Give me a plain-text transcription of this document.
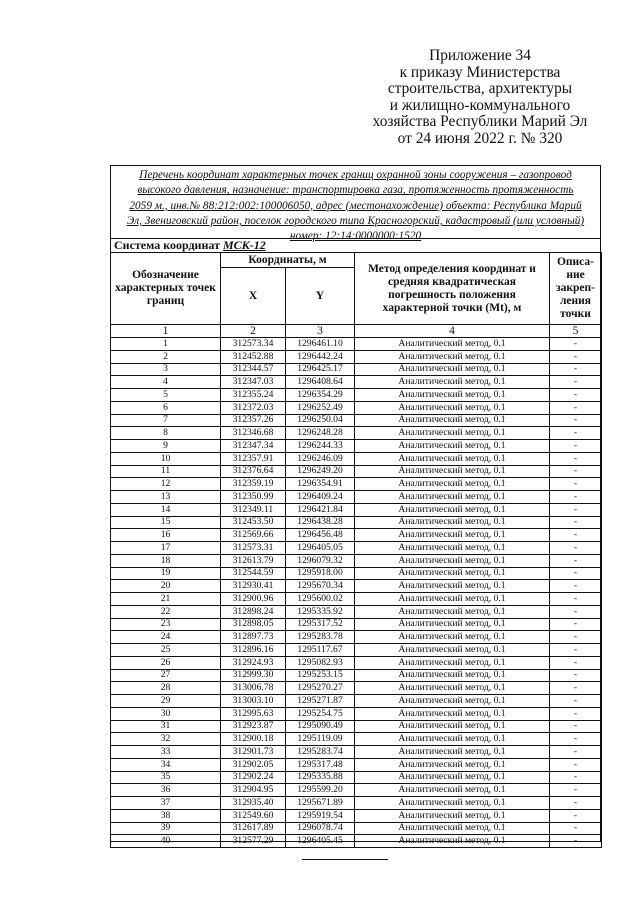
Приложение 34
к приказу Министерства
строительства, архитектуры
и жилищно-коммунального
хозяйства Республики Марий Эл
от 24 июня 2022 г. № 320
Перечень координат характерных точек границ охранной зоны сооружения – газопровод
высокого давления, назначение: транспортировка газа, протяженность протяженность
2059 м., инв.№ 88:212:002:100006050, адрес (местонахождение) объекта: Республика Марий
Эл, Звениговский район, поселок городского типа Красногорский, кадастровый (или условный)
номер: 12:14:0000000:1520
Система координат МСК-12
Обозначение характерных точек границ	Координаты, м		Метод определения координат и средняя квадратическая погрешность положения характерной точки (Mt), м	Описа-ние закреп-ления точки
	X	Y		
1	2	3	4	5
1	312573.34	1296461.10	Аналитический метод, 0.1	-
2	312452.88	1296442.24	Аналитический метод, 0.1	-
3	312344.57	1296425.17	Аналитический метод, 0.1	-
4	312347.03	1296408.64	Аналитический метод, 0.1	-
5	312355.24	1296354.29	Аналитический метод, 0.1	-
6	312372.03	1296252.49	Аналитический метод, 0.1	-
7	312357.26	1296250.04	Аналитический метод, 0.1	-
8	312346.68	1296248.28	Аналитический метод, 0.1	-
9	312347.34	1296244.33	Аналитический метод, 0.1	-
10	312357.91	1296246.09	Аналитический метод, 0.1	-
11	312376.64	1296249.20	Аналитический метод, 0.1	-
12	312359.19	1296354.91	Аналитический метод, 0.1	-
13	312350.99	1296409.24	Аналитический метод, 0.1	-
14	312349.11	1296421.84	Аналитический метод, 0.1	-
15	312453.50	1296438.28	Аналитический метод, 0.1	-
16	312569.66	1296456.48	Аналитический метод, 0.1	-
17	312573.31	1296405.05	Аналитический метод, 0.1	-
18	312613.79	1296079.32	Аналитический метод, 0.1	-
19	312544.59	1295918.00	Аналитический метод, 0.1	-
20	312930.41	1295670.34	Аналитический метод, 0.1	-
21	312900.96	1295600.02	Аналитический метод, 0.1	-
22	312898.24	1295335.92	Аналитический метод, 0.1	-
23	312898.05	1295317.52	Аналитический метод, 0.1	-
24	312897.73	1295283.78	Аналитический метод, 0.1	-
25	312896.16	1295117.67	Аналитический метод, 0.1	-
26	312924.93	1295082.93	Аналитический метод, 0.1	-
27	312999.30	1295253.15	Аналитический метод, 0.1	-
28	313006.78	1295270.27	Аналитический метод, 0.1	-
29	313003.10	1295271.87	Аналитический метод, 0.1	-
30	312995.63	1295254.75	Аналитический метод, 0.1	-
31	312923.87	1295090.49	Аналитический метод, 0.1	-
32	312900.18	1295119.09	Аналитический метод, 0.1	-
33	312901.73	1295283.74	Аналитический метод, 0.1	-
34	312902.05	1295317.48	Аналитический метод, 0.1	-
35	312902.24	1295335.88	Аналитический метод, 0.1	-
36	312904.95	1295599.20	Аналитический метод, 0.1	-
37	312935.40	1295671.89	Аналитический метод, 0.1	-
38	312549.60	1295919.54	Аналитический метод, 0.1	-
39	312617.89	1296078.74	Аналитический метод, 0.1	-
40	312577.29	1296405.45	Аналитический метод, 0.1	-
